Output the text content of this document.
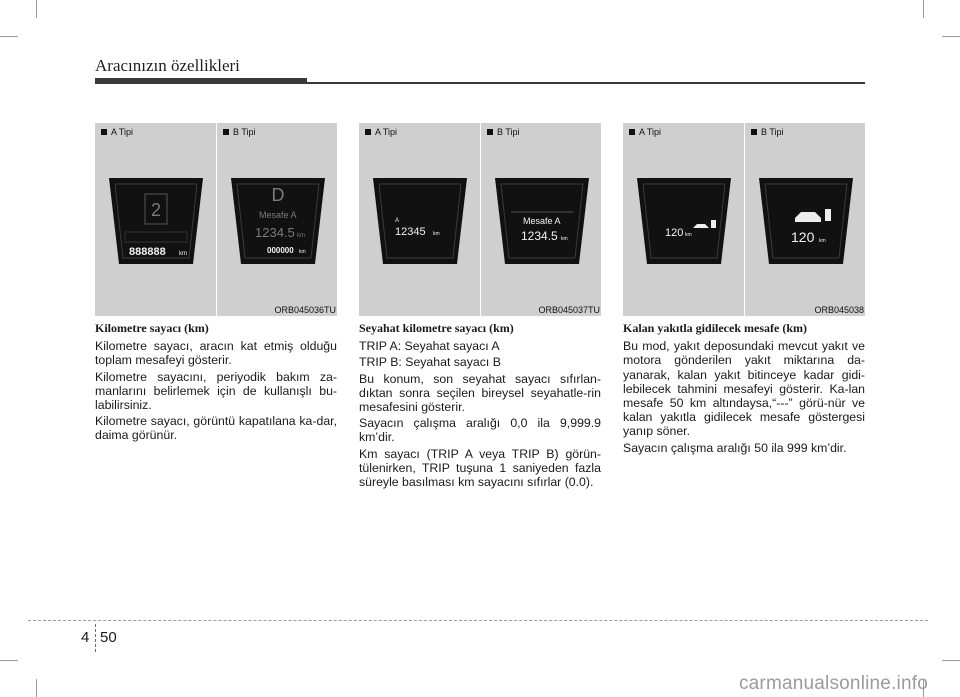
Aracınızın özellikleri
A Tipi
2
888888 km
B Tipi
D
Mesafe A
1234.5 km
000000 km
ORB045036TU
A Tipi
A
12345 km
B Tipi
Mesafe A
1234.5 km
ORB045037TU
A Tipi
120 km
B Tipi
120 km
ORB045038

Kilometre sayacı (km)

Kilometre sayacı, aracın kat etmiş olduğu toplam mesafeyi gösterir.

Kilometre sayacını, periyodik bakım za-manlarını belirlemek için de kullanışlı bu-labilirsiniz.

Kilometre sayacı, görüntü kapatılana ka-dar, daima görünür.

Seyahat kilometre sayacı (km)

TRIP A: Seyahat sayacı A

TRIP B: Seyahat sayacı B

Bu konum, son seyahat sayacı sıfırlan-dıktan sonra seçilen bireysel seyahatle-rin mesafesini gösterir.

Sayacın çalışma aralığı 0,0 ila 9,999.9 km’dir.

Km sayacı (TRIP A veya TRIP B) görün-tülenirken, TRIP tuşuna 1 saniyeden fazla süreyle basılması km sayacını sıfırlar (0.0).

Kalan yakıtla gidilecek mesafe (km)

Bu mod, yakıt deposundaki mevcut yakıt ve motora gönderilen yakıt miktarına da-yanarak, kalan yakıt bitinceye kadar gidi-lebilecek tahmini mesafeyi gösterir. Ka-lan mesafe 50 km altındaysa,“---” görü-nür ve kalan yakıtla gidilecek mesafe göstergesi yanıp söner.

Sayacın çalışma aralığı 50 ila 999 km’dir.

4 50
carmanualsonline.info
